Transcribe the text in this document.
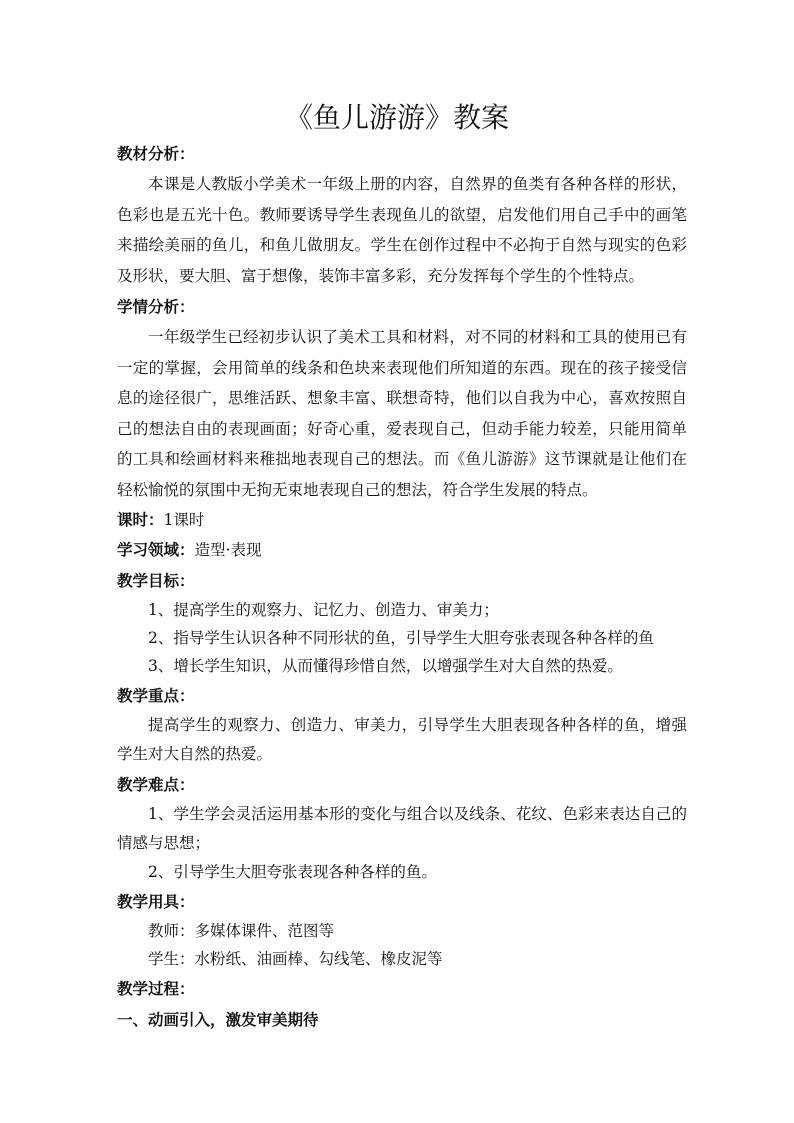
《鱼儿游游》教案

教材分析：

本课是人教版小学美术一年级上册的内容，自然界的鱼类有各种各样的形状，色彩也是五光十色。教师要诱导学生表现鱼儿的欲望，启发他们用自己手中的画笔来描绘美丽的鱼儿，和鱼儿做朋友。学生在创作过程中不必拘于自然与现实的色彩及形状，要大胆、富于想像，装饰丰富多彩，充分发挥每个学生的个性特点。

学情分析：

一年级学生已经初步认识了美术工具和材料，对不同的材料和工具的使用已有一定的掌握，会用简单的线条和色块来表现他们所知道的东西。现在的孩子接受信息的途径很广，思维活跃、想象丰富、联想奇特，他们以自我为中心，喜欢按照自己的想法自由的表现画面；好奇心重，爱表现自己，但动手能力较差，只能用简单的工具和绘画材料来稚拙地表现自己的想法。而《鱼儿游游》这节课就是让他们在轻松愉悦的氛围中无拘无束地表现自己的想法，符合学生发展的特点。

课时：1课时

学习领域：造型·表现

教学目标：

1、提高学生的观察力、记忆力、创造力、审美力；

2、指导学生认识各种不同形状的鱼，引导学生大胆夸张表现各种各样的鱼

3、增长学生知识，从而懂得珍惜自然，以增强学生对大自然的热爱。

教学重点：

提高学生的观察力、创造力、审美力，引导学生大胆表现各种各样的鱼，增强学生对大自然的热爱。

教学难点：

1、学生学会灵活运用基本形的变化与组合以及线条、花纹、色彩来表达自己的情感与思想；

2、引导学生大胆夸张表现各种各样的鱼。

教学用具：

教师：多媒体课件、范图等

学生：水粉纸、油画棒、勾线笔、橡皮泥等

教学过程：

一、动画引入，激发审美期待
